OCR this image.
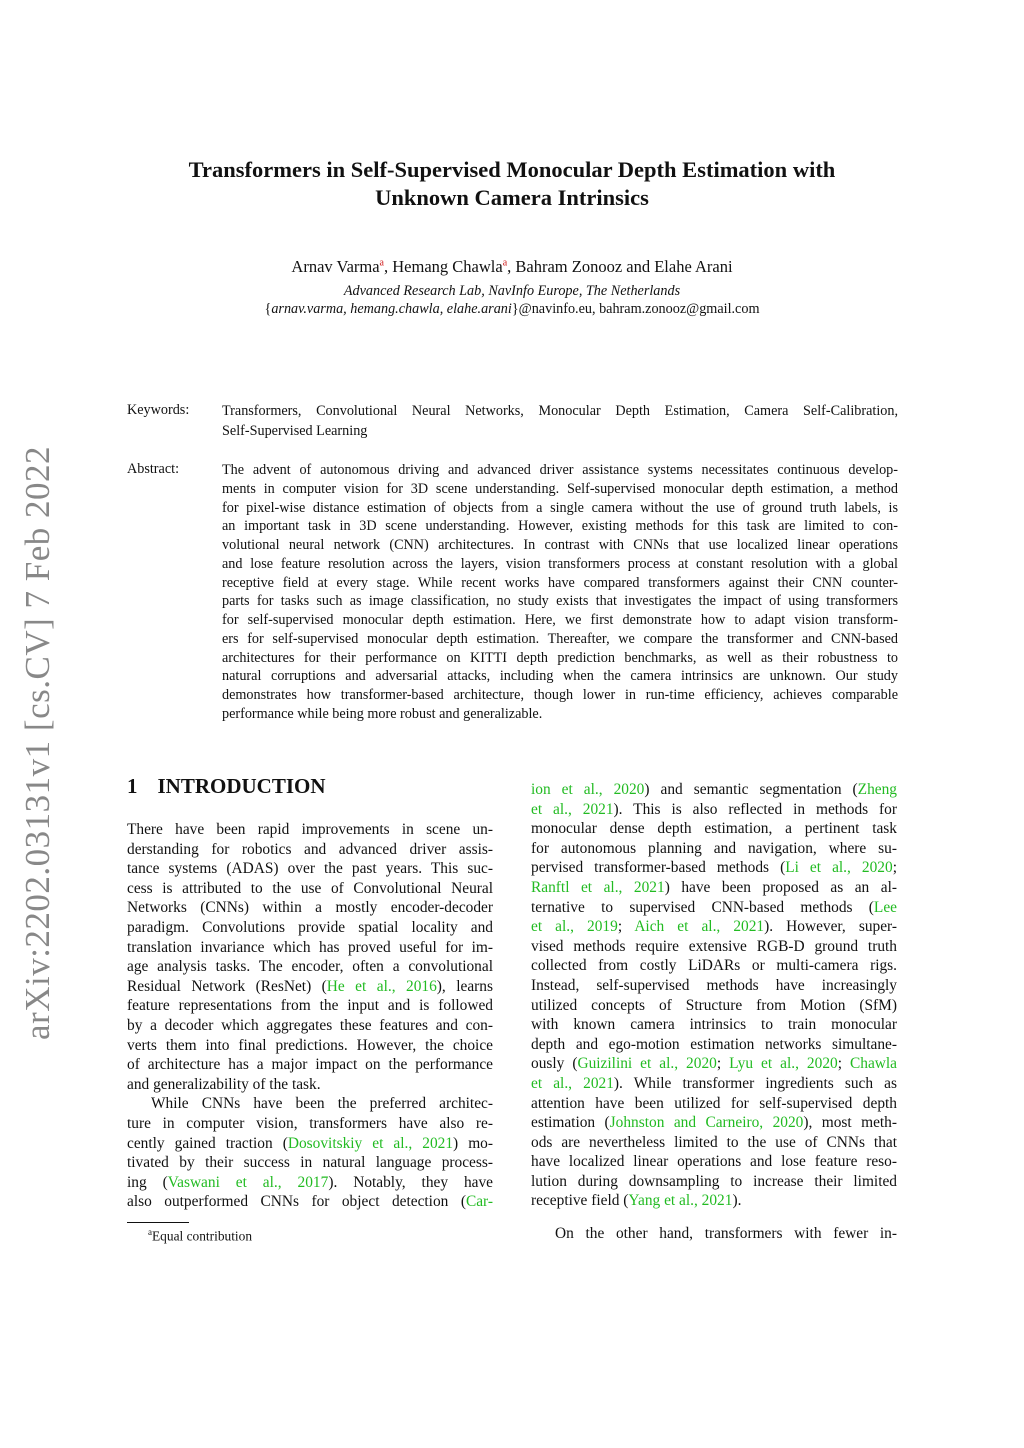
arXiv:2202.03131v1 [cs.CV] 7 Feb 2022
Transformers in Self-Supervised Monocular Depth Estimation with
Unknown Camera Intrinsics
Arnav Varma$^a$, Hemang Chawla$^a$, Bahram Zonooz and Elahe Arani
Advanced Research Lab, NavInfo Europe, The Netherlands
{arnav.varma, hemang.chawla, elahe.arani}@navinfo.eu, bahram.zonooz@gmail.com
Keywords: Transformers, Convolutional Neural Networks, Monocular Depth Estimation, Camera Self-Calibration,
Self-Supervised Learning
Abstract:	The advent of autonomous driving and advanced driver assistance systems necessitates continuous develop-
ments in computer vision for 3D scene understanding. Self-supervised monocular depth estimation, a method
for pixel-wise distance estimation of objects from a single camera without the use of ground truth labels, is
an important task in 3D scene understanding. However, existing methods for this task are limited to con-
volutional neural network (CNN) architectures. In contrast with CNNs that use localized linear operations
and lose feature resolution across the layers, vision transformers process at constant resolution with a global
receptive field at every stage. While recent works have compared transformers against their CNN counter-
parts for tasks such as image classification, no study exists that investigates the impact of using transformers
for self-supervised monocular depth estimation. Here, we first demonstrate how to adapt vision transform-
ers for self-supervised monocular depth estimation. Thereafter, we compare the transformer and CNN-based
architectures for their performance on KITTI depth prediction benchmarks, as well as their robustness to
natural corruptions and adversarial attacks, including when the camera intrinsics are unknown. Our study
demonstrates how transformer-based architecture, though lower in run-time efficiency, achieves comparable
performance while being more robust and generalizable.
1 INTRODUCTION
There have been rapid improvements in scene un-
derstanding for robotics and advanced driver assis-
tance systems (ADAS) over the past years. This suc-
cess is attributed to the use of Convolutional Neural
Networks (CNNs) within a mostly encoder-decoder
paradigm. Convolutions provide spatial locality and
translation invariance which has proved useful for im-
age analysis tasks. The encoder, often a convolutional
Residual Network (ResNet) (He et al., 2016), learns
feature representations from the input and is followed
by a decoder which aggregates these features and con-
verts them into final predictions. However, the choice
of architecture has a major impact on the performance
and generalizability of the task.
While CNNs have been the preferred architec-
ture in computer vision, transformers have also re-
cently gained traction (Dosovitskiy et al., 2021) mo-
tivated by their success in natural language process-
ing (Vaswani et al., 2017). Notably, they have
also outperformed CNNs for object detection (Car-
ion et al., 2020) and semantic segmentation (Zheng
et al., 2021). This is also reflected in methods for
monocular dense depth estimation, a pertinent task
for autonomous planning and navigation, where su-
pervised transformer-based methods (Li et al., 2020;
Ranftl et al., 2021) have been proposed as an al-
ternative to supervised CNN-based methods (Lee
et al., 2019; Aich et al., 2021). However, super-
vised methods require extensive RGB-D ground truth
collected from costly LiDARs or multi-camera rigs.
Instead, self-supervised methods have increasingly
utilized concepts of Structure from Motion (SfM)
with known camera intrinsics to train monocular
depth and ego-motion estimation networks simultane-
ously (Guizilini et al., 2020; Lyu et al., 2020; Chawla
et al., 2021). While transformer ingredients such as
attention have been utilized for self-supervised depth
estimation (Johnston and Carneiro, 2020), most meth-
ods are nevertheless limited to the use of CNNs that
have localized linear operations and lose feature reso-
lution during downsampling to increase their limited
receptive field (Yang et al., 2021).
On the other hand, transformers with fewer in-
$^a$Equal contribution
